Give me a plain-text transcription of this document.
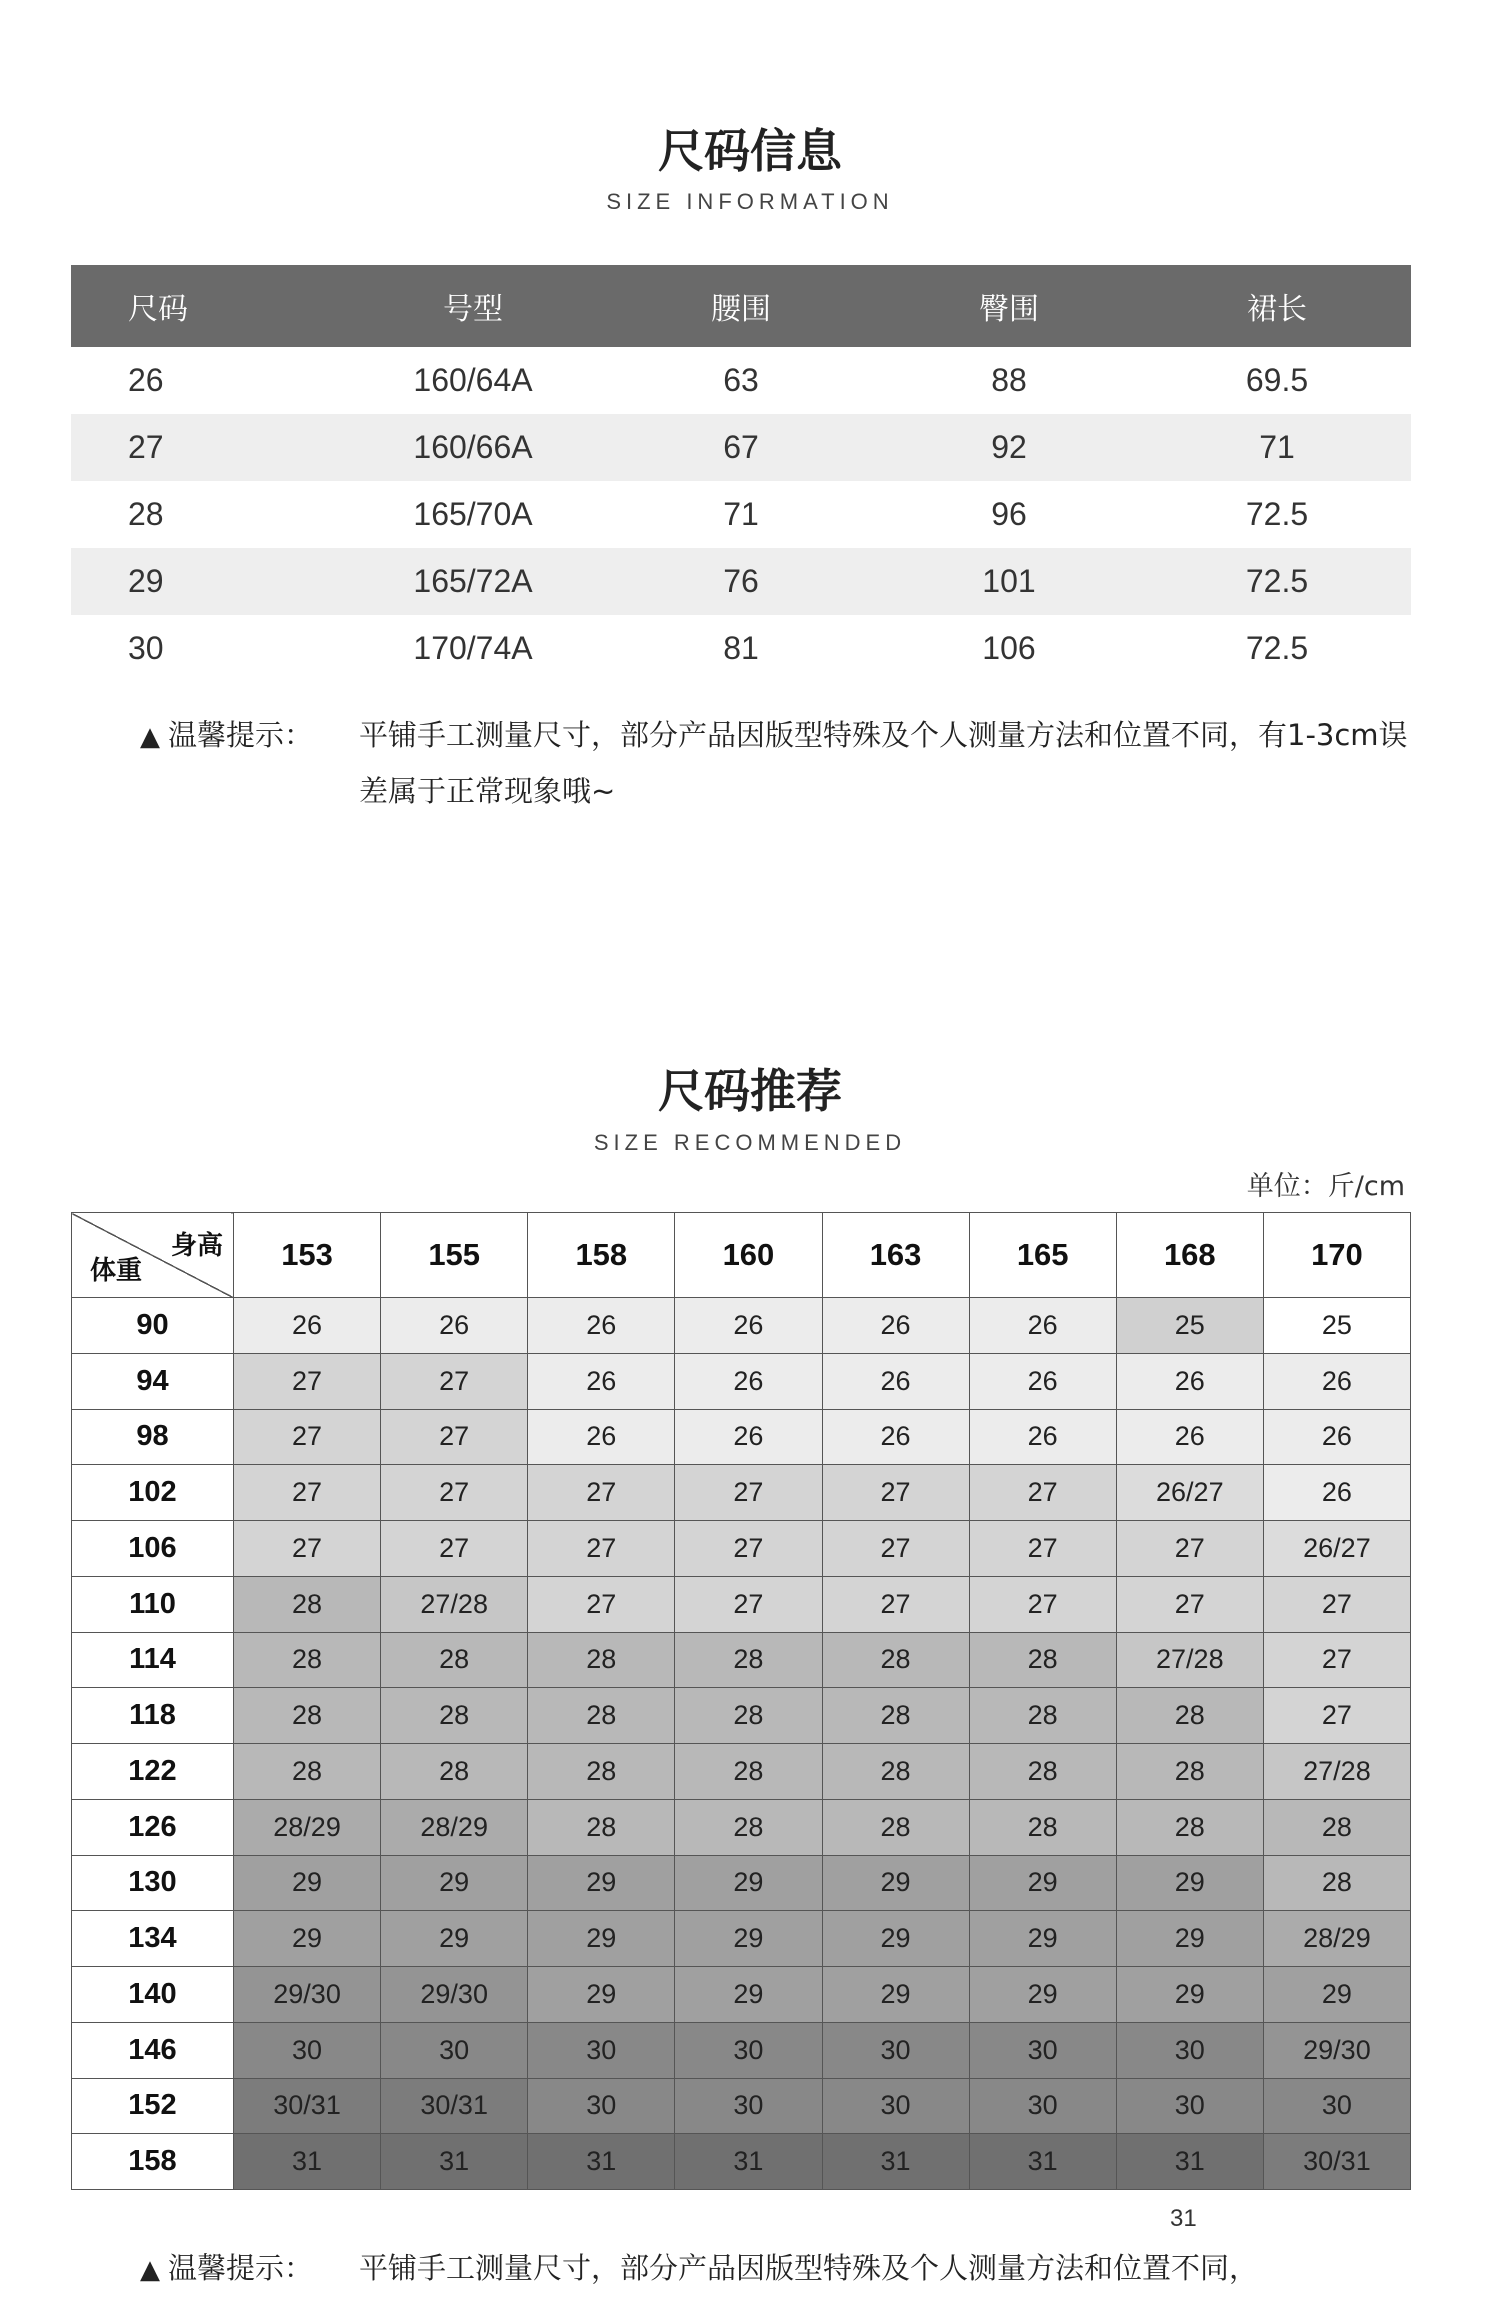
尺码信息
SIZE INFORMATION
尺码	号型	腰围	臀围	裙长
26	160/64A	63	88	69.5
27	160/66A	67	92	71
28	165/70A	71	96	72.5
29	165/72A	76	101	72.5
30	170/74A	81	106	72.5
▲ 温馨提示： 平铺手工测量尺寸，部分产品因版型特殊及个人测量方法和位置不同，有1-3cm误差属于正常现象哦~
尺码推荐
SIZE RECOMMENDED
单位：斤/cm
身高
体重	153	155	158	160	163	165	168	170
90	26	26	26	26	26	26	25	25
94	27	27	26	26	26	26	26	26
98	27	27	26	26	26	26	26	26
102	27	27	27	27	27	27	26/27	26
106	27	27	27	27	27	27	27	26/27
110	28	27/28	27	27	27	27	27	27
114	28	28	28	28	28	28	27/28	27
118	28	28	28	28	28	28	28	27
122	28	28	28	28	28	28	28	27/28
126	28/29	28/29	28	28	28	28	28	28
130	29	29	29	29	29	29	29	28
134	29	29	29	29	29	29	29	28/29
140	29/30	29/30	29	29	29	29	29	29
146	30	30	30	30	30	30	30	29/30
152	30/31	30/31	30	30	30	30	30	30
158	31	31	31	31	31	31	31	30/31
31
▲ 温馨提示： 平铺手工测量尺寸，部分产品因版型特殊及个人测量方法和位置不同，
